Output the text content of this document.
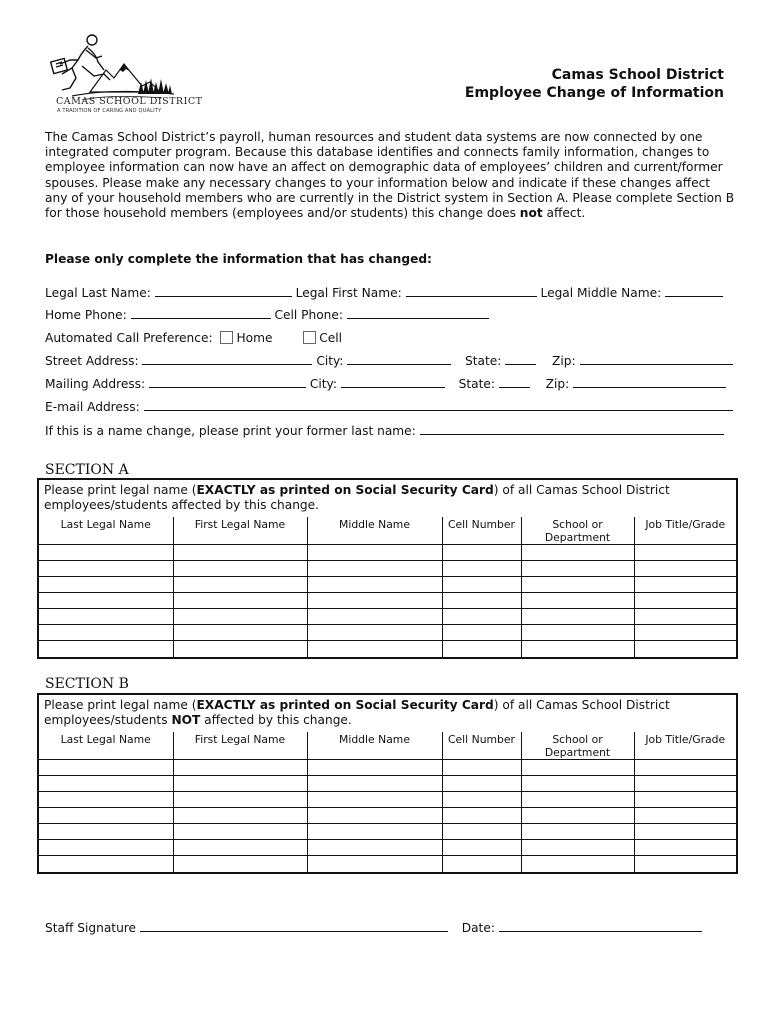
CAMAS SCHOOL DISTRICT
A TRADITION OF CARING AND QUALITY
Camas School District
Employee Change of Information
The Camas School District’s payroll, human resources and student data systems are now connected by one integrated computer program. Because this database identifies and connects family information, changes to employee information can now have an affect on demographic data of employees’ children and current/former spouses. Please make any necessary changes to your information below and indicate if these changes affect any of your household members who are currently in the District system in Section A. Please complete Section B for those household members (employees and/or students) this change does not affect.
Please only complete the information that has changed:
Legal Last Name:	Legal First Name:	Legal Middle Name:
Home Phone:	Cell Phone:
Automated Call Preference: Home	Cell
Street Address:	City:	State:	Zip:
Mailing Address:	City:	State:	Zip:
E-mail Address:
If this is a name change, please print your former last name:
SECTION A
Please print legal name (EXACTLY as printed on Social Security Card) of all Camas School District employees/students affected by this change.
Last Legal Name	First Legal Name	Middle Name	Cell Number	School or Department	Job Title/Grade

SECTION B
Please print legal name (EXACTLY as printed on Social Security Card) of all Camas School District employees/students NOT affected by this change.
Last Legal Name	First Legal Name	Middle Name	Cell Number	School or Department	Job Title/Grade

Staff Signature	Date:
